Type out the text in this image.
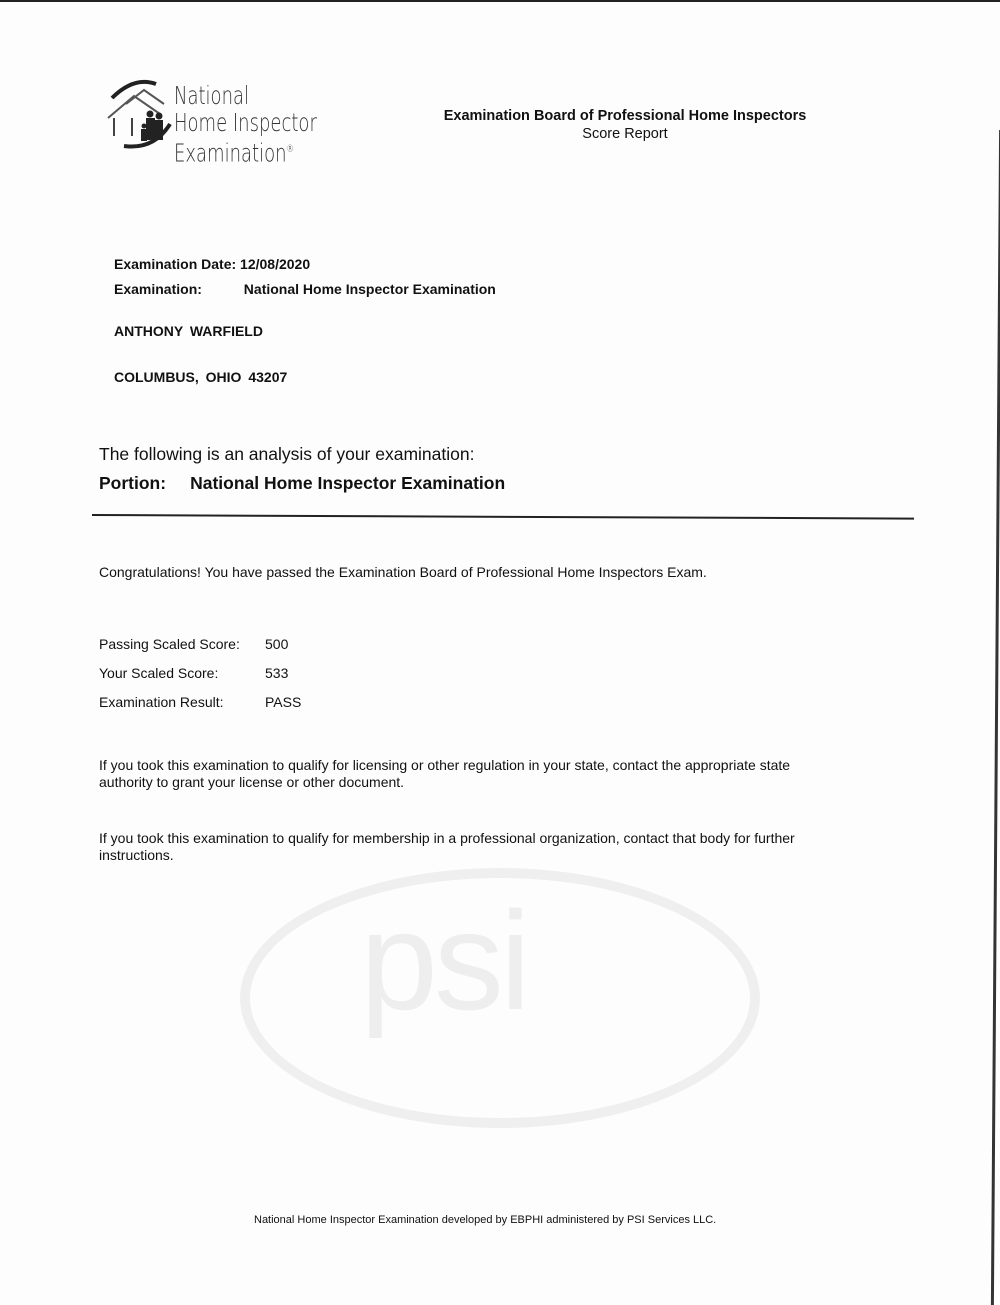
psi
National
Home Inspector
Examination®
Examination Board of Professional Home Inspectors
Score Report
Examination Date: 12/08/2020
Examination:	National Home Inspector Examination
ANTHONY WARFIELD
COLUMBUS, OHIO 43207
The following is an analysis of your examination:
Portion: National Home Inspector Examination
Congratulations! You have passed the Examination Board of Professional Home Inspectors Exam.
Passing Scaled Score:	500
Your Scaled Score:	533
Examination Result:	PASS
If you took this examination to qualify for licensing or other regulation in your state, contact the appropriate state authority to grant your license or other document.
If you took this examination to qualify for membership in a professional organization, contact that body for further instructions.
National Home Inspector Examination developed by EBPHI administered by PSI Services LLC.
